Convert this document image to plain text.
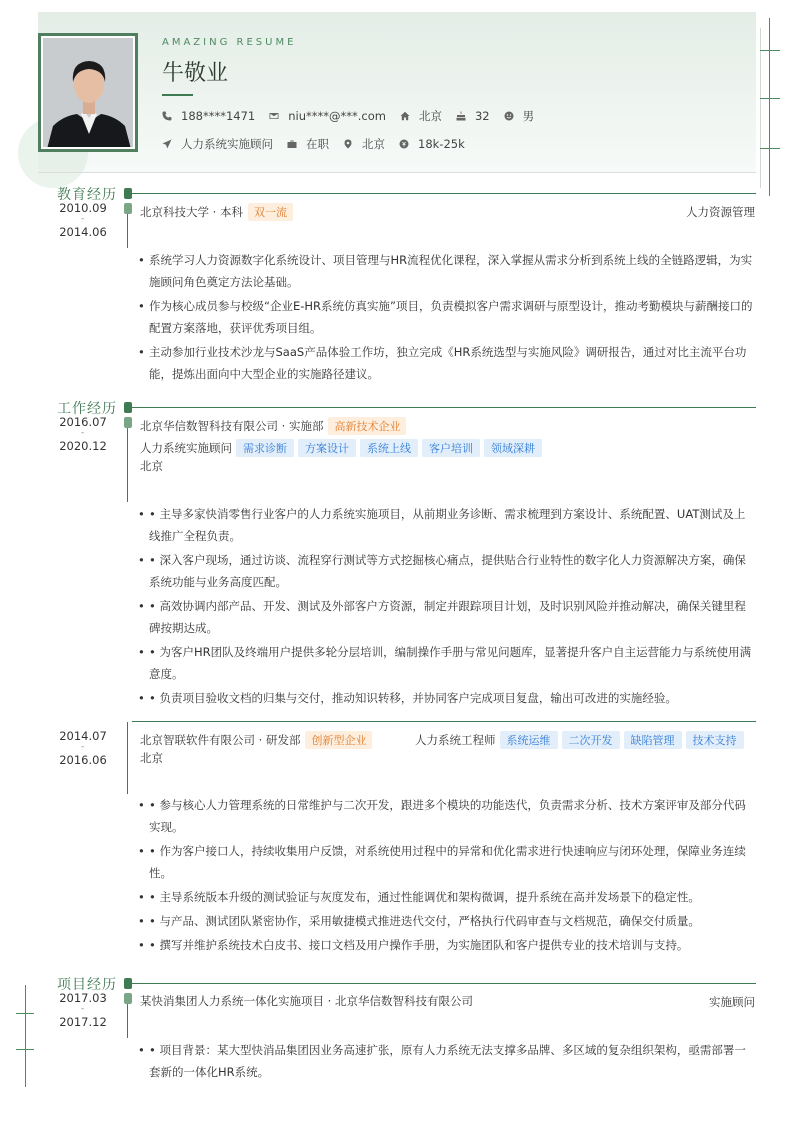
AMAZING RESUME
牛敬业
188****1471	niu****@***.com	北京	32	男
人力系统实施顾问	在职	北京	18k-25k
教育经历
2010.09
-
2014.06
北京科技大学 · 本科	双一流	人力资源管理
• 系统学习人力资源数字化系统设计、项目管理与HR流程优化课程，深入掌握从需求分析到系统上线的全链路逻辑，为实施顾问角色奠定方法论基础。
• 作为核心成员参与校级“企业E-HR系统仿真实施”项目，负责模拟客户需求调研与原型设计，推动考勤模块与薪酬接口的配置方案落地，获评优秀项目组。
• 主动参加行业技术沙龙与SaaS产品体验工作坊，独立完成《HR系统选型与实施风险》调研报告，通过对比主流平台功能，提炼出面向中大型企业的实施路径建议。
工作经历
2016.07
-
2020.12
北京华信数智科技有限公司 · 实施部	高新技术企业
人力系统实施顾问	需求诊断	方案设计	系统上线	客户培训	领域深耕
北京
• • 主导多家快消零售行业客户的人力系统实施项目，从前期业务诊断、需求梳理到方案设计、系统配置、UAT测试及上线推广全程负责。
• • 深入客户现场，通过访谈、流程穿行测试等方式挖掘核心痛点，提供贴合行业特性的数字化人力资源解决方案，确保系统功能与业务高度匹配。
• • 高效协调内部产品、开发、测试及外部客户方资源，制定并跟踪项目计划，及时识别风险并推动解决，确保关键里程碑按期达成。
• • 为客户HR团队及终端用户提供多轮分层培训，编制操作手册与常见问题库，显著提升客户自主运营能力与系统使用满意度。
• • 负责项目验收文档的归集与交付，推动知识转移，并协同客户完成项目复盘，输出可改进的实施经验。
2014.07
-
2016.06
北京智联软件有限公司 · 研发部	创新型企业	人力系统工程师	系统运维	二次开发	缺陷管理	技术支持
北京
• • 参与核心人力管理系统的日常维护与二次开发，跟进多个模块的功能迭代，负责需求分析、技术方案评审及部分代码实现。
• • 作为客户接口人，持续收集用户反馈，对系统使用过程中的异常和优化需求进行快速响应与闭环处理，保障业务连续性。
• • 主导系统版本升级的测试验证与灰度发布，通过性能调优和架构微调，提升系统在高并发场景下的稳定性。
• • 与产品、测试团队紧密协作，采用敏捷模式推进迭代交付，严格执行代码审查与文档规范，确保交付质量。
• • 撰写并维护系统技术白皮书、接口文档及用户操作手册，为实施团队和客户提供专业的技术培训与支持。
项目经历
2017.03
-
2017.12
某快消集团人力系统一体化实施项目 · 北京华信数智科技有限公司	实施顾问
• • 项目背景：某大型快消品集团因业务高速扩张，原有人力系统无法支撑多品牌、多区域的复杂组织架构，亟需部署一套新的一体化HR系统。
